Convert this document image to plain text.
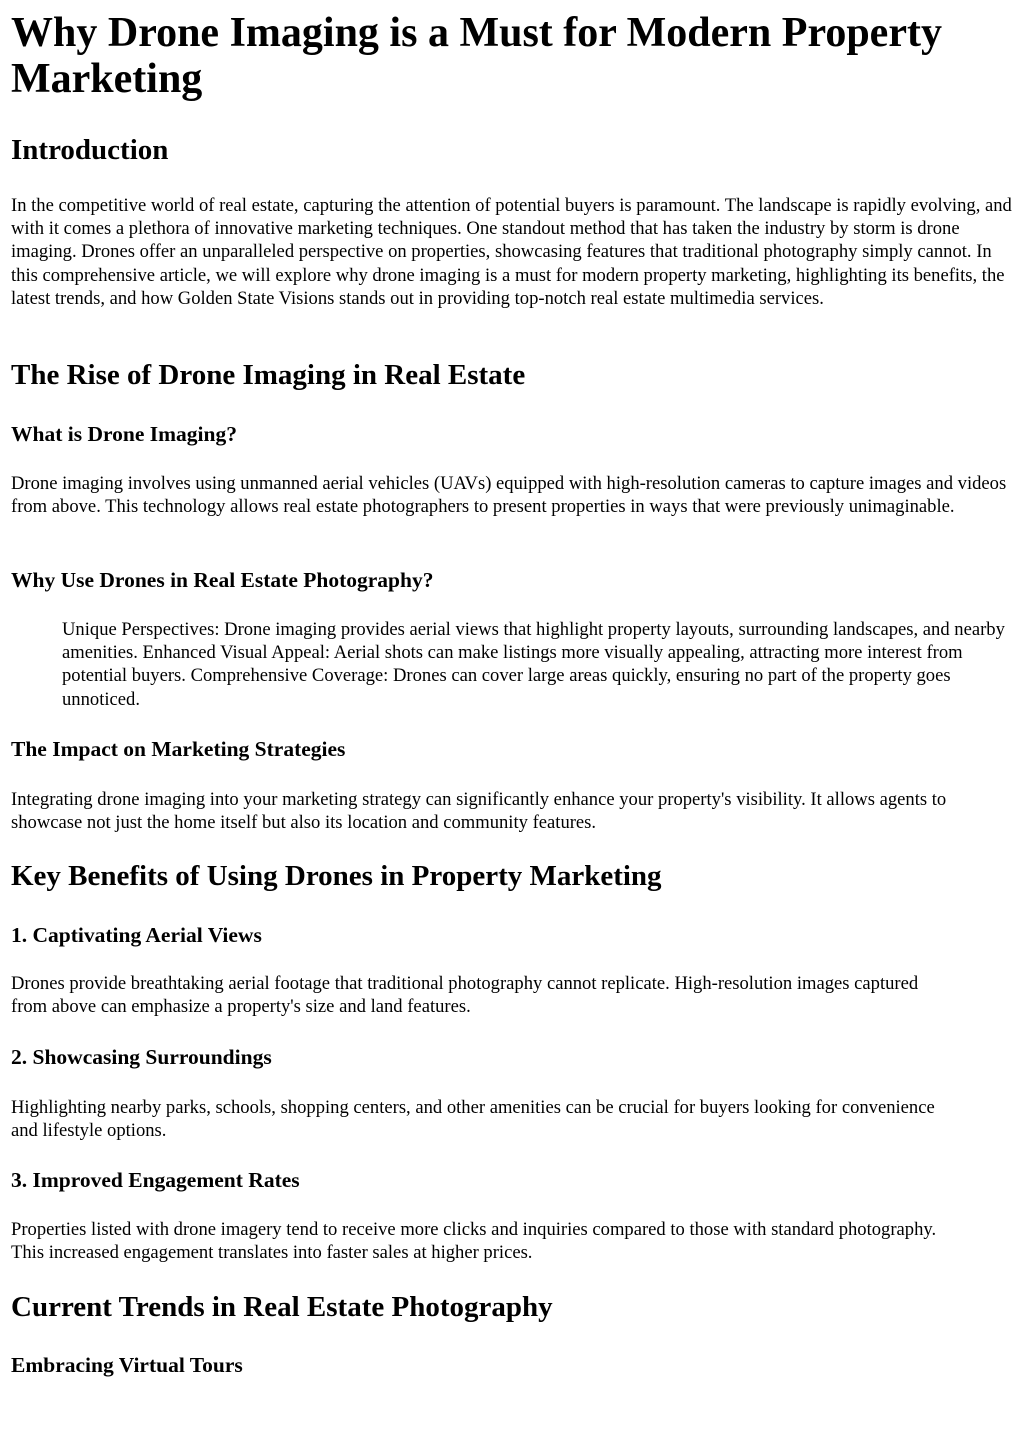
Why Drone Imaging is a Must for Modern Property Marketing
Introduction

In the competitive world of real estate, capturing the attention of potential buyers is paramount. The landscape is rapidly evolving, and with it comes a plethora of innovative marketing techniques. One standout method that has taken the industry by storm is drone imaging. Drones offer an unparalleled perspective on properties, showcasing features that traditional photography simply cannot. In this comprehensive article, we will explore why drone imaging is a must for modern property marketing, highlighting its benefits, the latest trends, and how Golden State Visions stands out in providing top-notch real estate multimedia services.

The Rise of Drone Imaging in Real Estate
What is Drone Imaging?

Drone imaging involves using unmanned aerial vehicles (UAVs) equipped with high-resolution cameras to capture images and videos from above. This technology allows real estate photographers to present properties in ways that were previously unimaginable.

Why Use Drones in Real Estate Photography?
Unique Perspectives: Drone imaging provides aerial views that highlight property layouts, surrounding landscapes, and nearby amenities. Enhanced Visual Appeal: Aerial shots can make listings more visually appealing, attracting more interest from potential buyers. Comprehensive Coverage: Drones can cover large areas quickly, ensuring no part of the property goes unnoticed.
The Impact on Marketing Strategies

Integrating drone imaging into your marketing strategy can significantly enhance your property's visibility. It allows agents to showcase not just the home itself but also its location and community features.

Key Benefits of Using Drones in Property Marketing
1. Captivating Aerial Views

Drones provide breathtaking aerial footage that traditional photography cannot replicate. High-resolution images captured from above can emphasize a property's size and land features.

2. Showcasing Surroundings

Highlighting nearby parks, schools, shopping centers, and other amenities can be crucial for buyers looking for convenience and lifestyle options.

3. Improved Engagement Rates

Properties listed with drone imagery tend to receive more clicks and inquiries compared to those with standard photography. This increased engagement translates into faster sales at higher prices.

Current Trends in Real Estate Photography
Embracing Virtual Tours
